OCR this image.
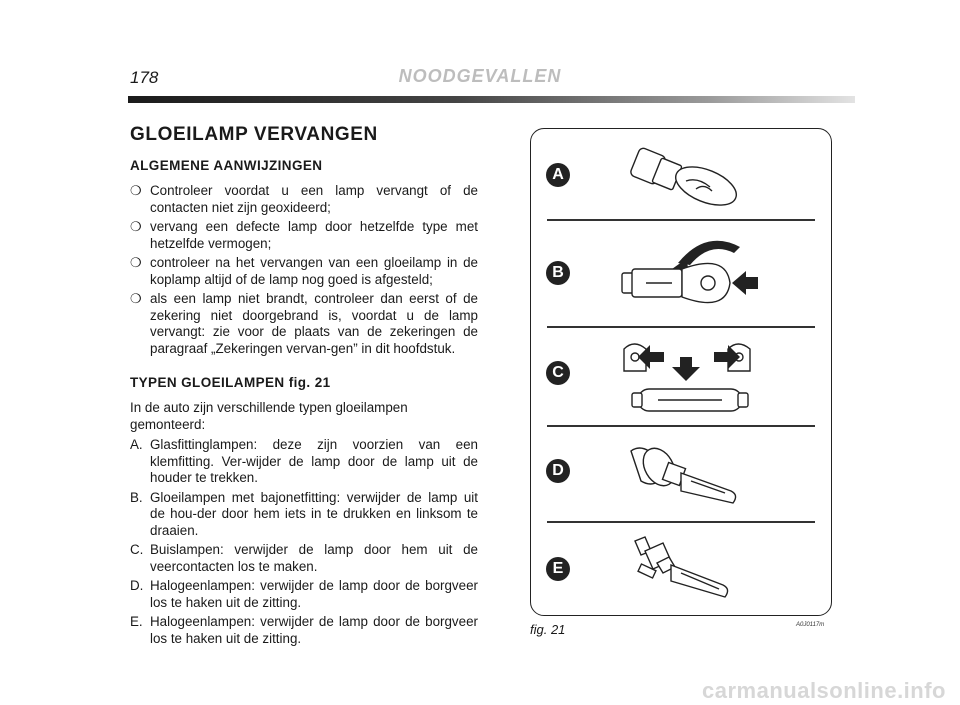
178	NOODGEVALLEN
GLOEILAMP VERVANGEN
ALGEMENE AANWIJZINGEN
❍ Controleer voordat u een lamp vervangt of de contacten niet zijn geoxideerd;
❍ vervang een defecte lamp door hetzelfde type met hetzelfde vermogen;
❍ controleer na het vervangen van een gloeilamp in de koplamp altijd of de lamp nog goed is afgesteld;
❍ als een lamp niet brandt, controleer dan eerst of de zekering niet doorgebrand is, voordat u de lamp vervangt: zie voor de plaats van de zekeringen de paragraaf „Zekeringen vervan-gen” in dit hoofdstuk.
TYPEN GLOEILAMPEN fig. 21

In de auto zijn verschillende typen gloeilampen gemonteerd:

A. Glasfittinglampen: deze zijn voorzien van een klemfitting. Ver-wijder de lamp door de lamp uit de houder te trekken.
B. Gloeilampen met bajonetfitting: verwijder de lamp uit de hou-der door hem iets in te drukken en linksom te draaien.
C. Buislampen: verwijder de lamp door hem uit de veercontacten los te maken.
D. Halogeenlampen: verwijder de lamp door de borgveer los te haken uit de zitting.
E. Halogeenlampen: verwijder de lamp door de borgveer los te haken uit de zitting.
A
B
C
D
E
fig. 21	A0J0117m
carmanualsonline.info
